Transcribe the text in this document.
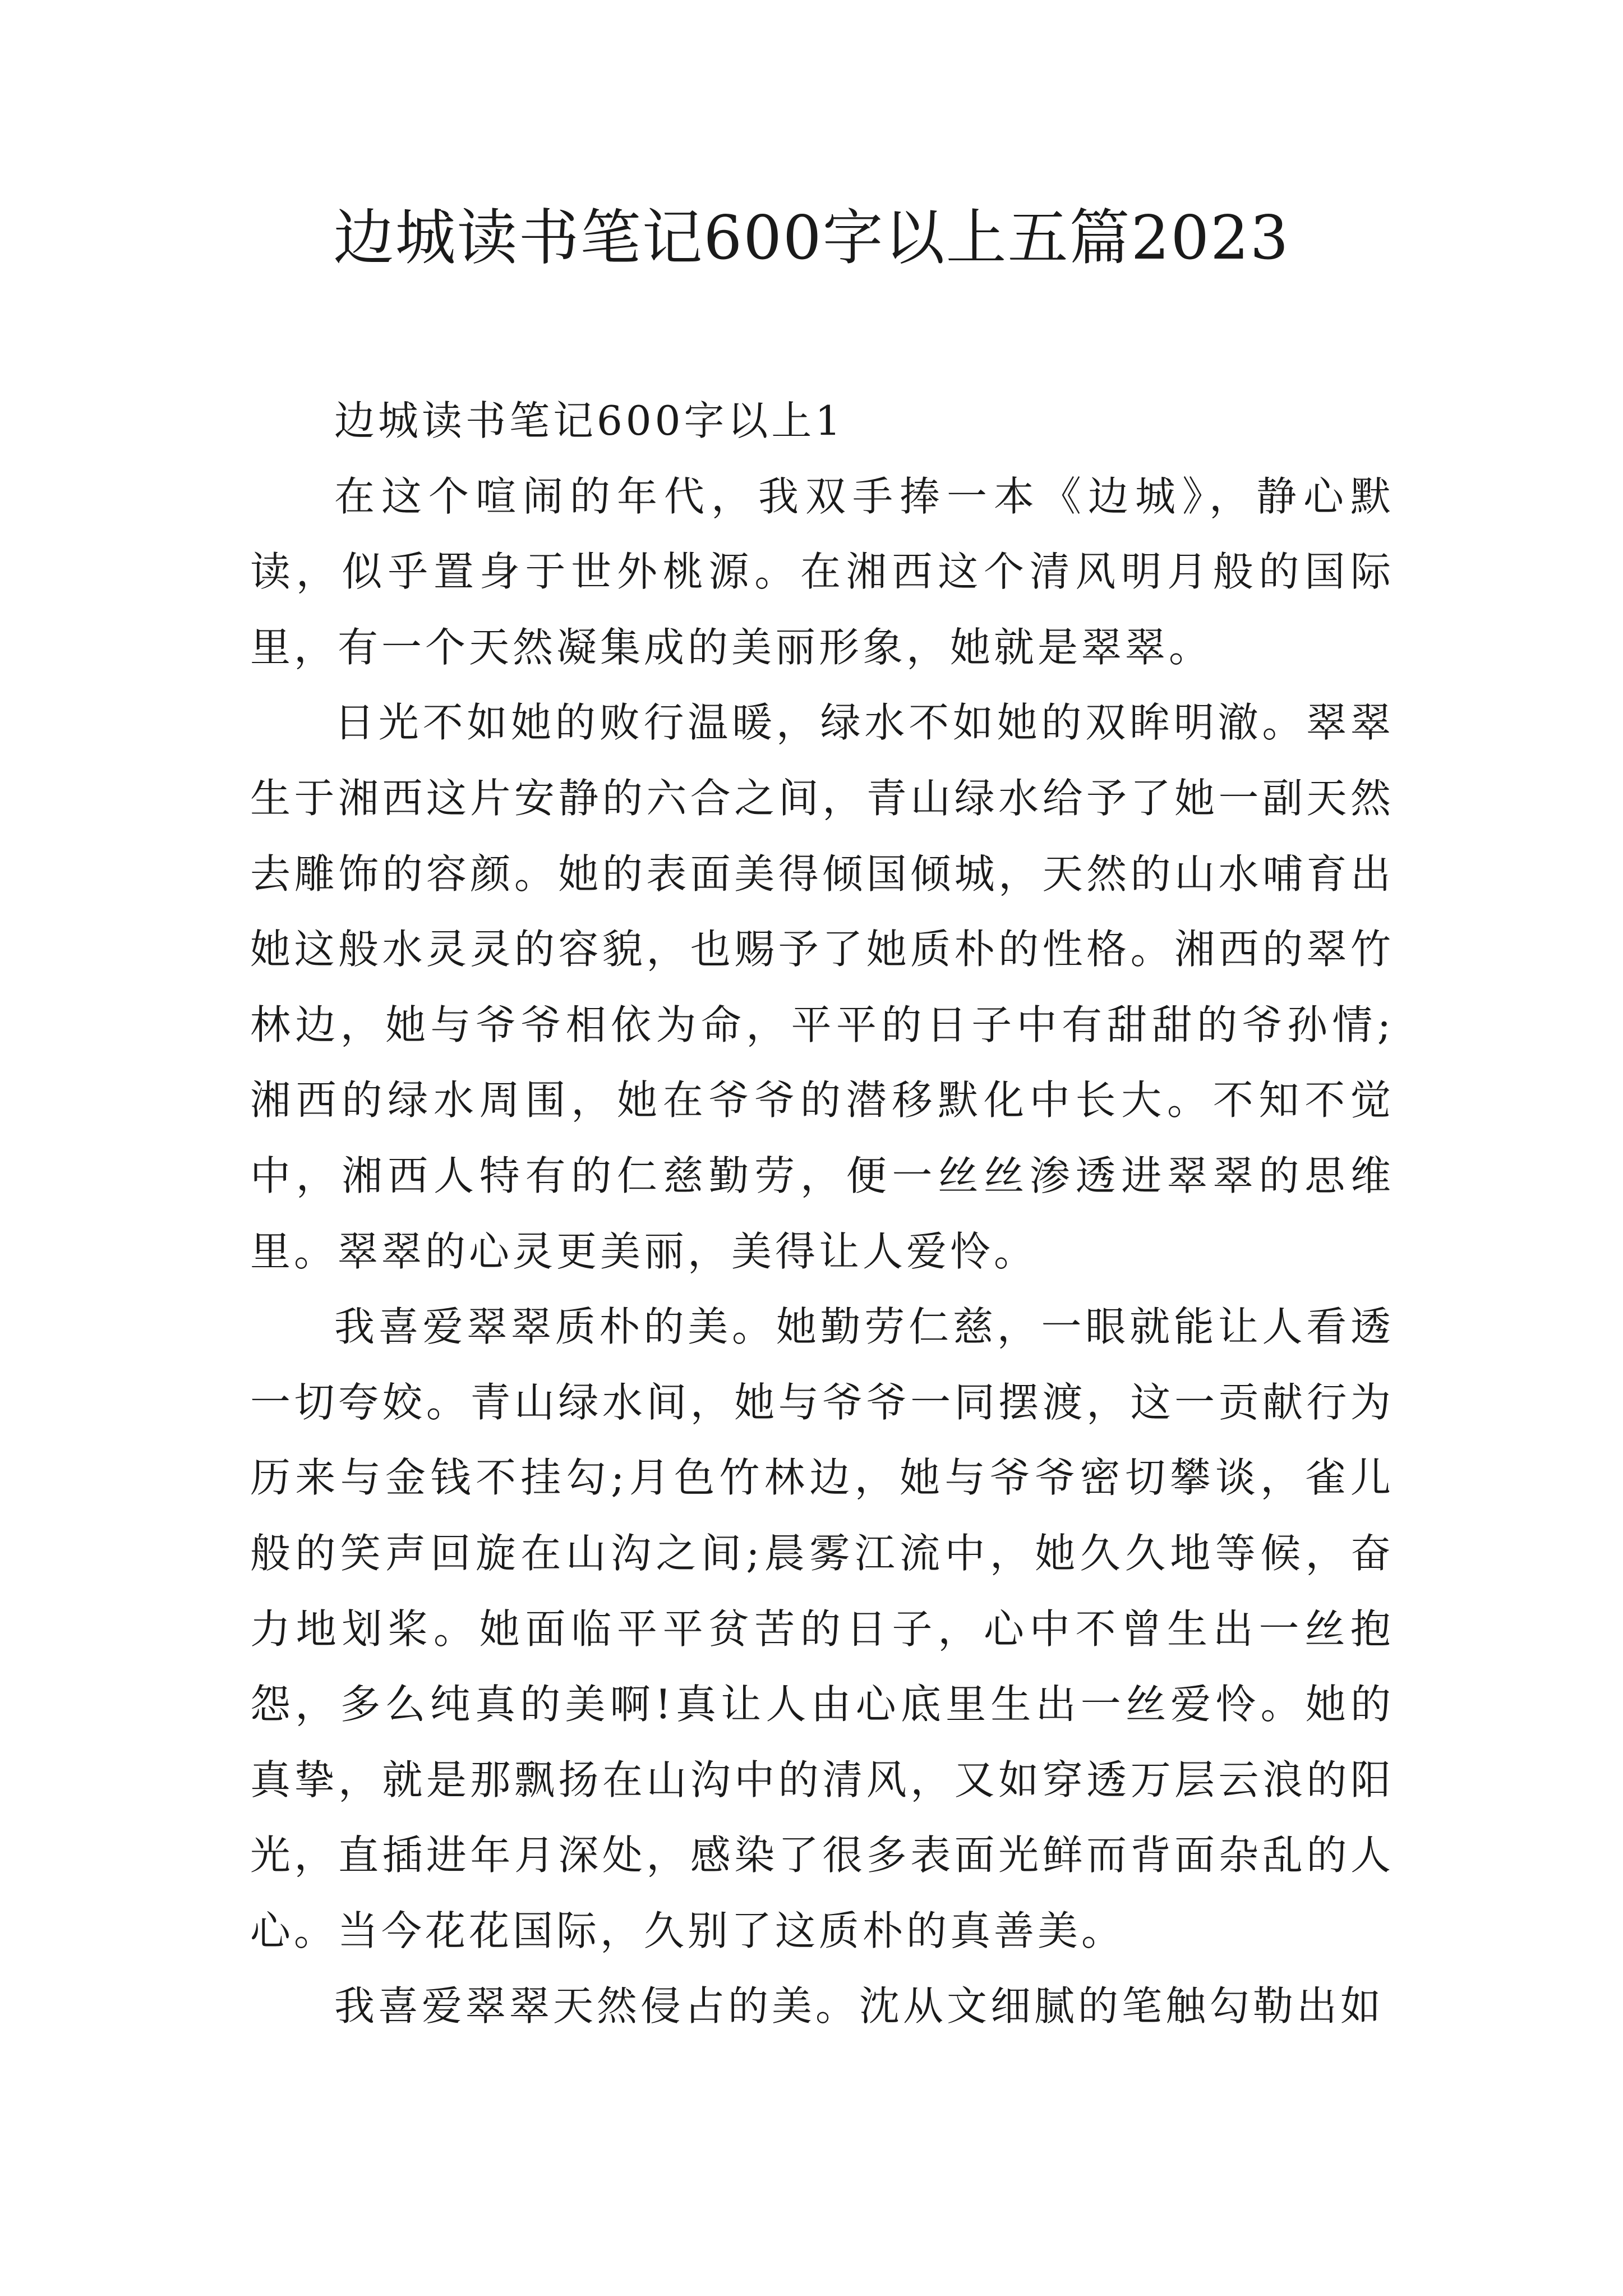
边城读书笔记600字以上五篇2023

边城读书笔记600字以上1

在这个喧闹的年代，我双手捧一本《边城》，静心默读，似乎置身于世外桃源。在湘西这个清风明月般的国际里，有一个天然凝集成的美丽形象，她就是翠翠。

日光不如她的败行温暖，绿水不如她的双眸明澈。翠翠生于湘西这片安静的六合之间，青山绿水给予了她一副天然去雕饰的容颜。她的表面美得倾国倾城，天然的山水哺育出她这般水灵灵的容貌，也赐予了她质朴的性格。湘西的翠竹林边，她与爷爷相依为命，平平的日子中有甜甜的爷孙情;湘西的绿水周围，她在爷爷的潜移默化中长大。不知不觉中，湘西人特有的仁慈勤劳，便一丝丝渗透进翠翠的思维里。翠翠的心灵更美丽，美得让人爱怜。

我喜爱翠翠质朴的美。她勤劳仁慈，一眼就能让人看透一切夸姣。青山绿水间，她与爷爷一同摆渡，这一贡献行为历来与金钱不挂勾;月色竹林边，她与爷爷密切攀谈，雀儿般的笑声回旋在山沟之间;晨雾江流中，她久久地等候，奋力地划桨。她面临平平贫苦的日子，心中不曾生出一丝抱怨，多么纯真的美啊!真让人由心底里生出一丝爱怜。她的真挚，就是那飘扬在山沟中的清风，又如穿透万层云浪的阳光，直插进年月深处，感染了很多表面光鲜而背面杂乱的人心。当今花花国际，久别了这质朴的真善美。

我喜爱翠翠天然侵占的美。沈从文细腻的笔触勾勒出如
